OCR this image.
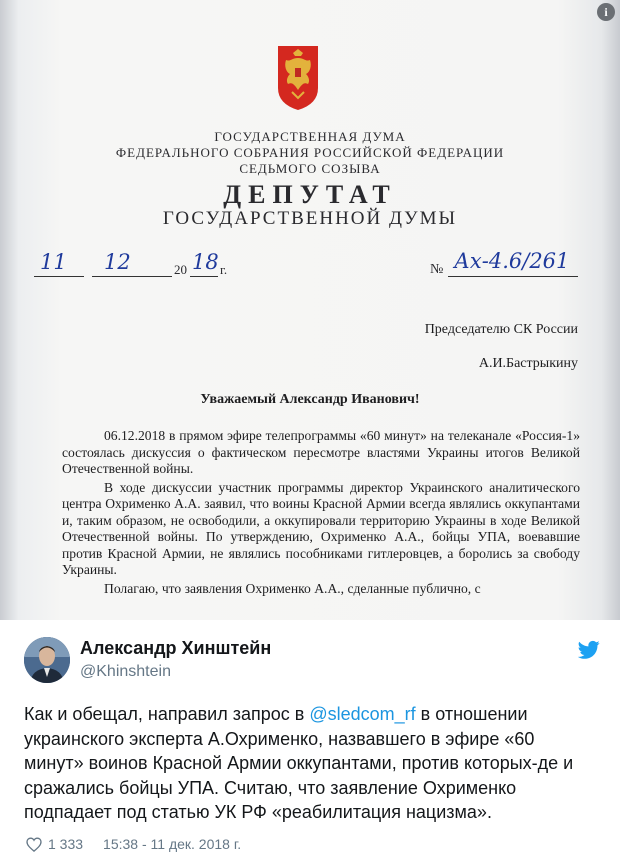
i
ГОСУДАРСТВЕННАЯ ДУМА
ФЕДЕРАЛЬНОГО СОБРАНИЯ РОССИЙСКОЙ ФЕДЕРАЦИИ
СЕДЬМОГО СОЗЫВА
ДЕПУТАТ
ГОСУДАРСТВЕННОЙ ДУМЫ
11 12	20 18 г.	№ Ах-4.6/261
Председателю СК России
А.И.Бастрыкину
Уважаемый Александр Иванович!

06.12.2018 в прямом эфире телепрограммы «60 минут» на телеканале «Россия-1» состоялась дискуссия о фактическом пересмотре властями Украины итогов Великой Отечественной войны.

В ходе дискуссии участник программы директор Украинского аналитического центра Охрименко А.А. заявил, что воины Красной Армии всегда являлись оккупантами и, таким образом, не освободили, а оккупировали территорию Украины в ходе Великой Отечественной войны. По утверждению, Охрименко А.А., бойцы УПА, воевавшие против Красной Армии, не являлись пособниками гитлеровцев, а боролись за свободу Украины.

Полагаю, что заявления Охрименко А.А., сделанные публично, с

Александр Хинштейн
@Khinshtein
Как и обещал, направил запрос в @sledcom_rf в отношении украинского эксперта А.Охрименко, назвавшего в эфире «60 минут» воинов Красной Армии оккупантами, против которых-де и сражались бойцы УПА. Считаю, что заявление Охрименко подпадает под статью УК РФ «реабилитация нацизма».
1 333 15:38 - 11 дек. 2018 г.
